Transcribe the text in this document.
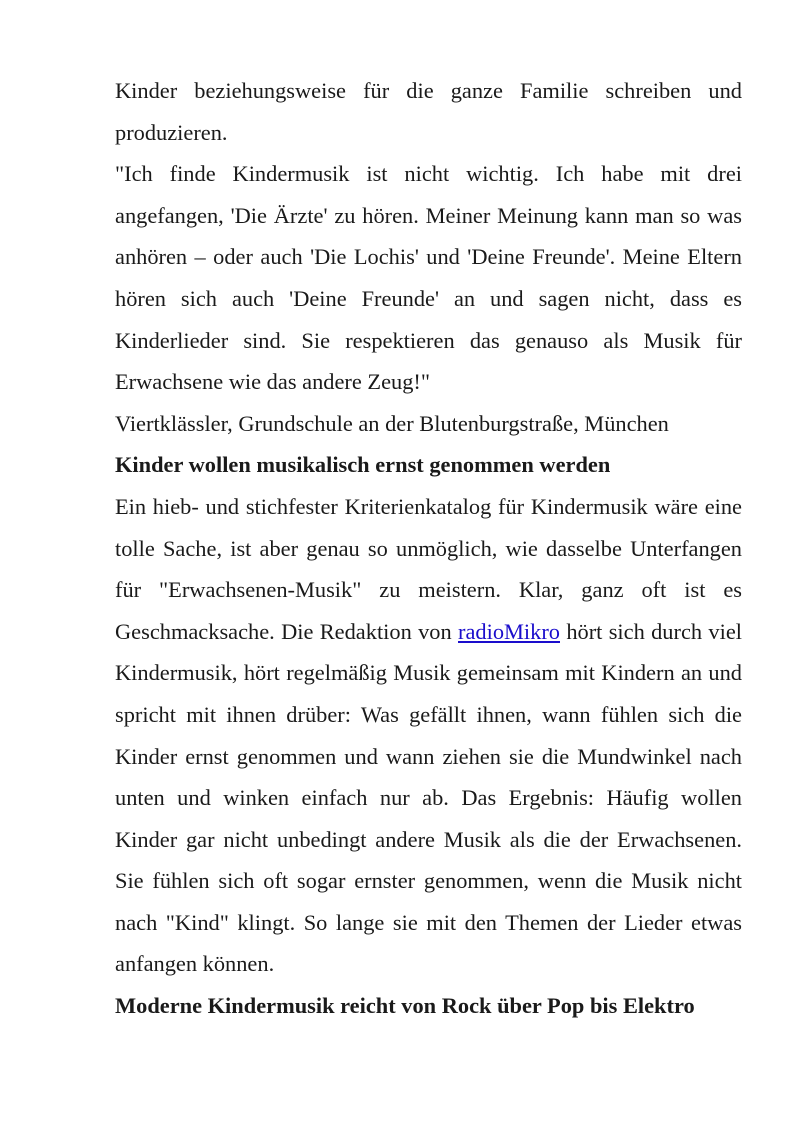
Kinder beziehungsweise für die ganze Familie schreiben und produzieren.

"Ich finde Kindermusik ist nicht wichtig. Ich habe mit drei angefangen, 'Die Ärzte' zu hören. Meiner Meinung kann man so was anhören – oder auch 'Die Lochis' und 'Deine Freunde'. Meine Eltern hören sich auch 'Deine Freunde' an und sagen nicht, dass es Kinderlieder sind. Sie respektieren das genauso als Musik für Erwachsene wie das andere Zeug!"

Viertklässler, Grundschule an der Blutenburgstraße, München

Kinder wollen musikalisch ernst genommen werden

Ein hieb- und stichfester Kriterienkatalog für Kindermusik wäre eine tolle Sache, ist aber genau so unmöglich, wie dasselbe Unterfangen für "Erwachsenen-Musik" zu meistern. Klar, ganz oft ist es Geschmacksache. Die Redaktion von radioMikro hört sich durch viel Kindermusik, hört regelmäßig Musik gemeinsam mit Kindern an und spricht mit ihnen drüber: Was gefällt ihnen, wann fühlen sich die Kinder ernst genommen und wann ziehen sie die Mundwinkel nach unten und winken einfach nur ab. Das Ergebnis: Häufig wollen Kinder gar nicht unbedingt andere Musik als die der Erwachsenen. Sie fühlen sich oft sogar ernster genommen, wenn die Musik nicht nach "Kind" klingt. So lange sie mit den Themen der Lieder etwas anfangen können.

Moderne Kindermusik reicht von Rock über Pop bis Elektro
